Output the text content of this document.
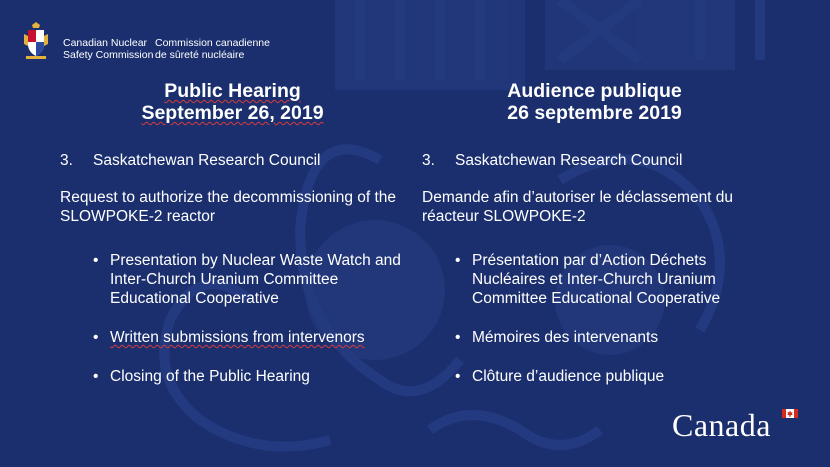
Canadian Nuclear
Safety Commission
Commission canadienne
de sûreté nucléaire
Public Hearing
September 26, 2019
3.	Saskatchewan Research Council
Request to authorize the decommissioning of the SLOWPOKE-2 reactor
• Presentation by Nuclear Waste Watch and Inter-Church Uranium Committee Educational Cooperative
• Written submissions from intervenors
• Closing of the Public Hearing
Audience publique
26 septembre 2019
3.	Saskatchewan Research Council
Demande afin d’autoriser le déclassement du réacteur SLOWPOKE-2
• Présentation par d’Action Déchets Nucléaires et Inter-Church Uranium Committee Educational Cooperative
• Mémoires des intervenants
• Clôture d’audience publique
Canada
